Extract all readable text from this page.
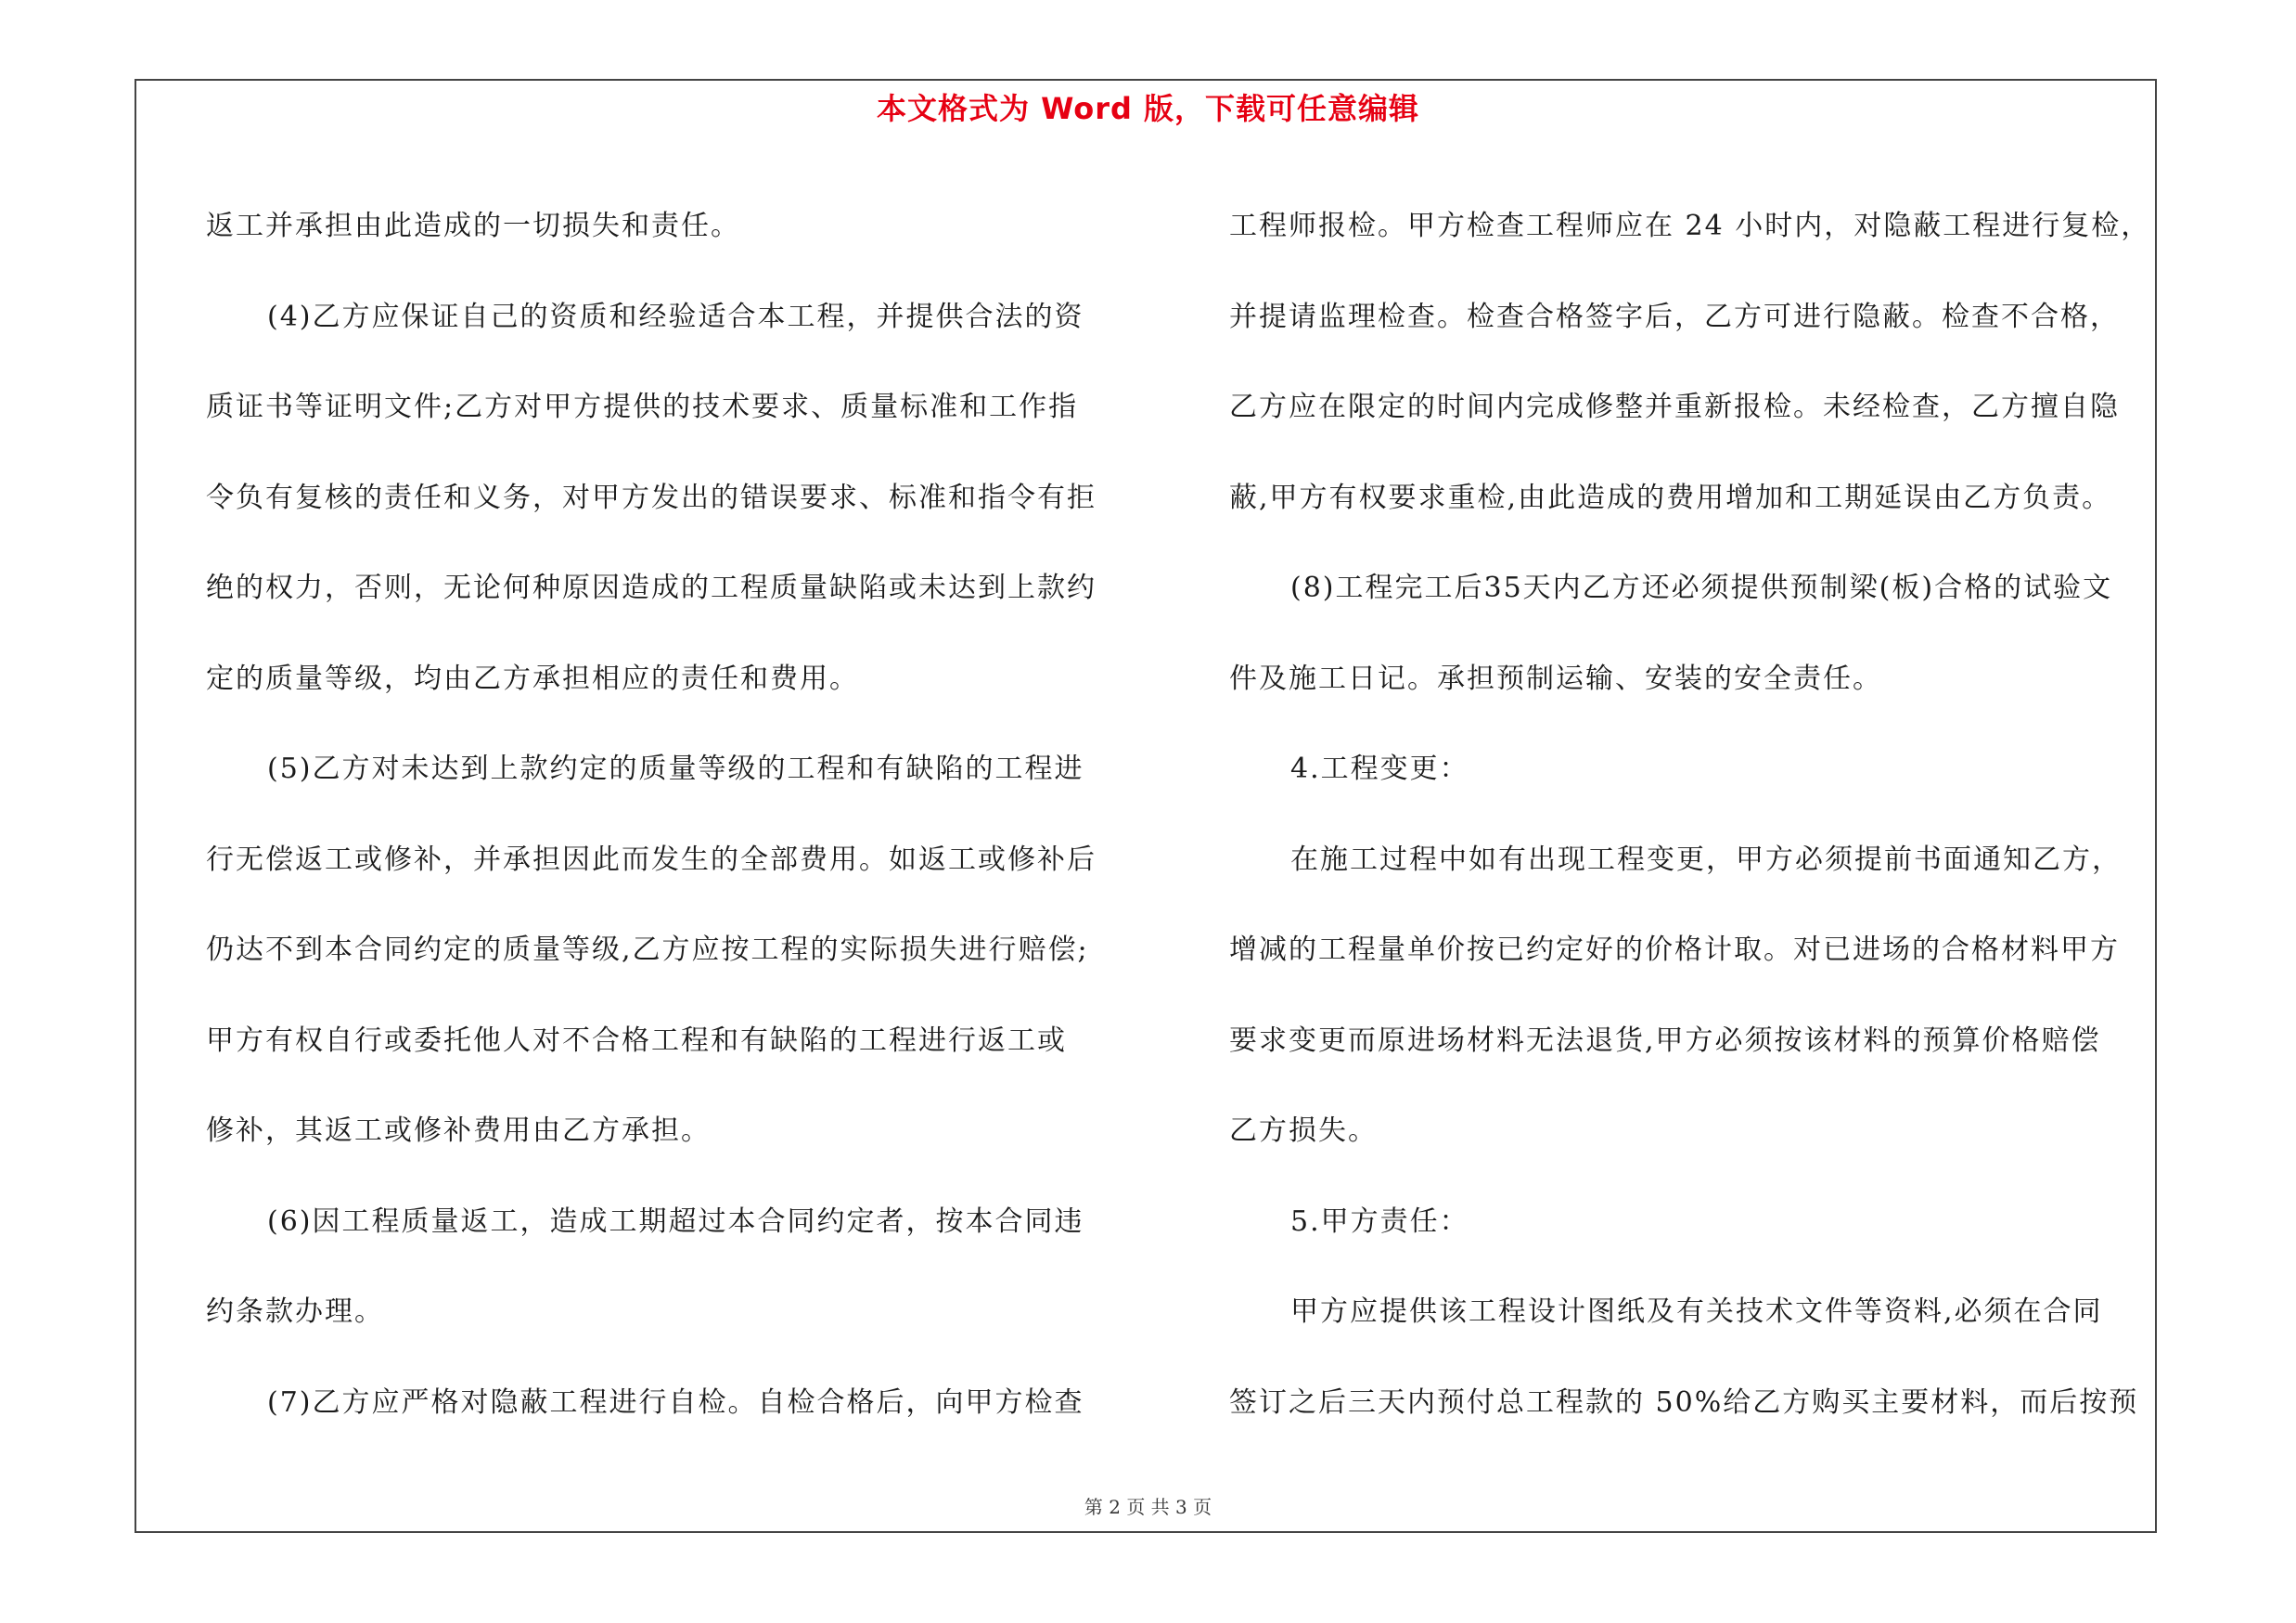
本文格式为 Word 版，下载可任意编辑
返工并承担由此造成的一切损失和责任。
(4)乙方应保证自己的资质和经验适合本工程，并提供合法的资
质证书等证明文件;乙方对甲方提供的技术要求、质量标准和工作指
令负有复核的责任和义务，对甲方发出的错误要求、标准和指令有拒
绝的权力，否则，无论何种原因造成的工程质量缺陷或未达到上款约
定的质量等级，均由乙方承担相应的责任和费用。
(5)乙方对未达到上款约定的质量等级的工程和有缺陷的工程进
行无偿返工或修补，并承担因此而发生的全部费用。如返工或修补后
仍达不到本合同约定的质量等级,乙方应按工程的实际损失进行赔偿;
甲方有权自行或委托他人对不合格工程和有缺陷的工程进行返工或
修补，其返工或修补费用由乙方承担。
(6)因工程质量返工，造成工期超过本合同约定者，按本合同违
约条款办理。
(7)乙方应严格对隐蔽工程进行自检。自检合格后，向甲方检查
工程师报检。甲方检查工程师应在 24 小时内，对隐蔽工程进行复检，
并提请监理检查。检查合格签字后，乙方可进行隐蔽。检查不合格，
乙方应在限定的时间内完成修整并重新报检。未经检查，乙方擅自隐
蔽,甲方有权要求重检,由此造成的费用增加和工期延误由乙方负责。
(8)工程完工后35天内乙方还必须提供预制梁(板)合格的试验文
件及施工日记。承担预制运输、安装的安全责任。
4.工程变更：
在施工过程中如有出现工程变更，甲方必须提前书面通知乙方，
增减的工程量单价按已约定好的价格计取。对已进场的合格材料甲方
要求变更而原进场材料无法退货,甲方必须按该材料的预算价格赔偿
乙方损失。
5.甲方责任：
甲方应提供该工程设计图纸及有关技术文件等资料,必须在合同
签订之后三天内预付总工程款的 50%给乙方购买主要材料，而后按预
第 2 页 共 3 页
